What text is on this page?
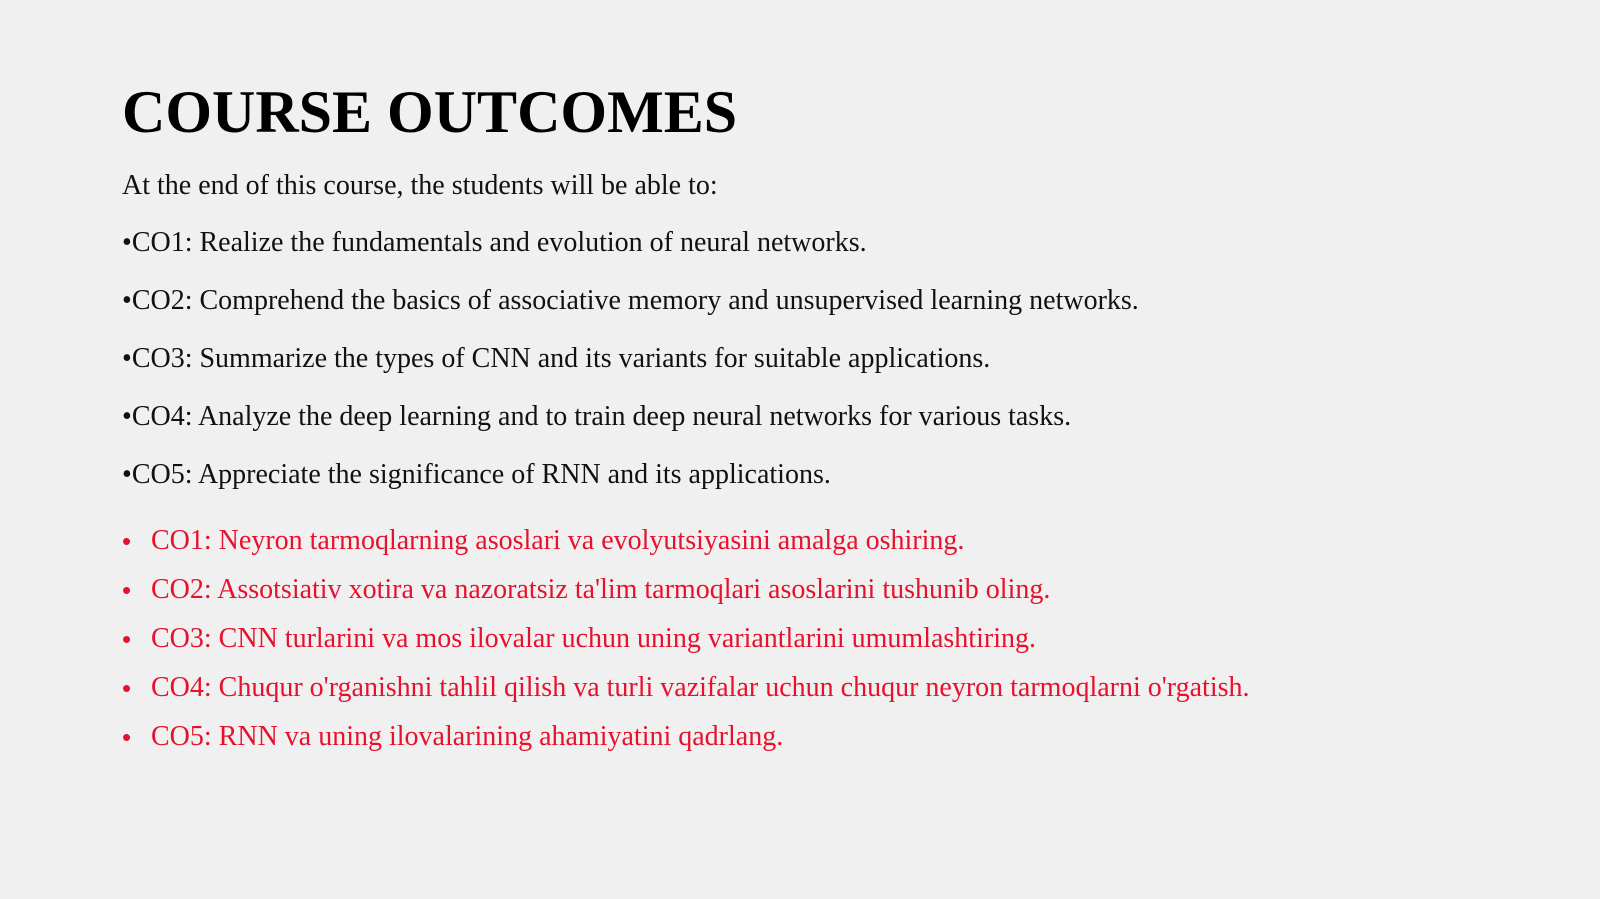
COURSE OUTCOMES

At the end of this course, the students will be able to:

•CO1: Realize the fundamentals and evolution of neural networks.
•CO2: Comprehend the basics of associative memory and unsupervised learning networks.
•CO3: Summarize the types of CNN and its variants for suitable applications.
•CO4: Analyze the deep learning and to train deep neural networks for various tasks.
•CO5: Appreciate the significance of RNN and its applications.
• CO1: Neyron tarmoqlarning asoslari va evolyutsiyasini amalga oshiring.
• CO2: Assotsiativ xotira va nazoratsiz ta'lim tarmoqlari asoslarini tushunib oling.
• CO3: CNN turlarini va mos ilovalar uchun uning variantlarini umumlashtiring.
• CO4: Chuqur o'rganishni tahlil qilish va turli vazifalar uchun chuqur neyron tarmoqlarni o'rgatish.
• CO5: RNN va uning ilovalarining ahamiyatini qadrlang.
